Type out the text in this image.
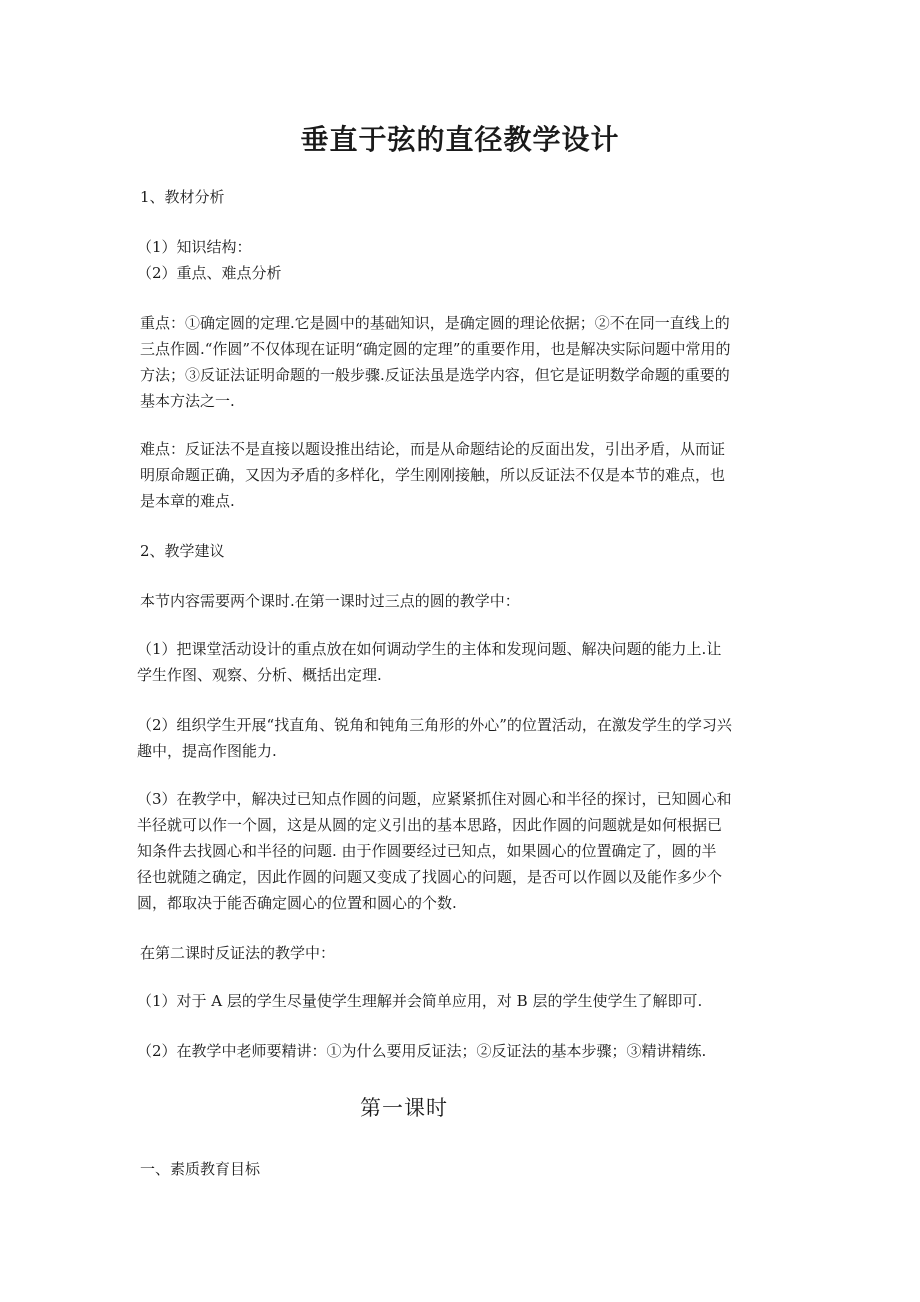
垂直于弦的直径教学设计
1、教材分析
（1）知识结构：
（2）重点、难点分析
重点：①确定圆的定理.它是圆中的基础知识，是确定圆的理论依据；②不在同一直线上的
三点作圆.“作圆”不仅体现在证明“确定圆的定理”的重要作用，也是解决实际问题中常用的
方法；③反证法证明命题的一般步骤.反证法虽是选学内容，但它是证明数学命题的重要的
基本方法之一.
难点：反证法不是直接以题设推出结论，而是从命题结论的反面出发，引出矛盾，从而证
明原命题正确，又因为矛盾的多样化，学生刚刚接触，所以反证法不仅是本节的难点，也
是本章的难点.
2、教学建议
本节内容需要两个课时.在第一课时过三点的圆的教学中：
（1）把课堂活动设计的重点放在如何调动学生的主体和发现问题、解决问题的能力上.让
学生作图、观察、分析、概括出定理.
（2）组织学生开展“找直角、锐角和钝角三角形的外心”的位置活动，在激发学生的学习兴
趣中，提高作图能力.
（3）在教学中，解决过已知点作圆的问题，应紧紧抓住对圆心和半径的探讨，已知圆心和
半径就可以作一个圆，这是从圆的定义引出的基本思路，因此作圆的问题就是如何根据已
知条件去找圆心和半径的问题. 由于作圆要经过已知点，如果圆心的位置确定了，圆的半
径也就随之确定，因此作圆的问题又变成了找圆心的问题，是否可以作圆以及能作多少个
圆，都取决于能否确定圆心的位置和圆心的个数.
在第二课时反证法的教学中：
（1）对于 A 层的学生尽量使学生理解并会简单应用，对 B 层的学生使学生了解即可.
（2）在教学中老师要精讲：①为什么要用反证法；②反证法的基本步骤；③精讲精练.
第一课时
一、素质教育目标
